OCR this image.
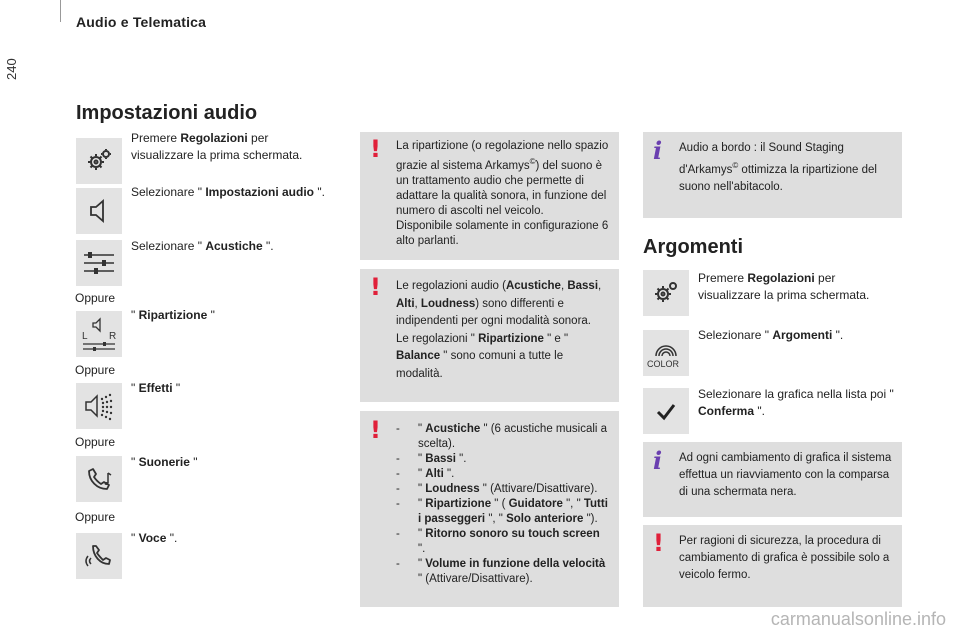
240
Audio e Telematica
Impostazioni audio
Premere Regolazioni per visualizzare la prima schermata.
Selezionare " Impostazioni audio ".
Selezionare " Acustiche ".
Oppure
L R
" Ripartizione "
Oppure
" Effetti "
Oppure
" Suonerie "
Oppure
" Voce ".
! La ripartizione (o regolazione nello spazio grazie al sistema Arkamys©) del suono è un trattamento audio che permette di adattare la qualità sonora, in funzione del numero di ascolti nel veicolo.
Disponibile solamente in configurazione 6 alto parlanti.
! Le regolazioni audio (Acustiche, Bassi, Alti, Loudness) sono differenti e indipendenti per ogni modalità sonora.
Le regolazioni " Ripartizione " e " Balance " sono comuni a tutte le modalità.
!
-	" Acustiche " (6 acustiche musicali a scelta).
- " Bassi ".
- " Alti ".
- " Loudness " (Attivare/Disattivare).
- " Ripartizione " ( Guidatore ", " Tutti i passeggeri ", " Solo anteriore ").
- " Ritorno sonoro su touch screen ".
- " Volume in funzione della velocità " (Attivare/Disattivare).
i Audio a bordo : il Sound Staging d'Arkamys© ottimizza la ripartizione del suono nell'abitacolo.
Argomenti
Premere Regolazioni per visualizzare la prima schermata.
COLOR
Selezionare " Argomenti ".
Selezionare la grafica nella lista poi " Conferma ".
i Ad ogni cambiamento di grafica il sistema effettua un riavviamento con la comparsa di una schermata nera.
! Per ragioni di sicurezza, la procedura di cambiamento di grafica è possibile solo a veicolo fermo.
carmanualsonline.info
